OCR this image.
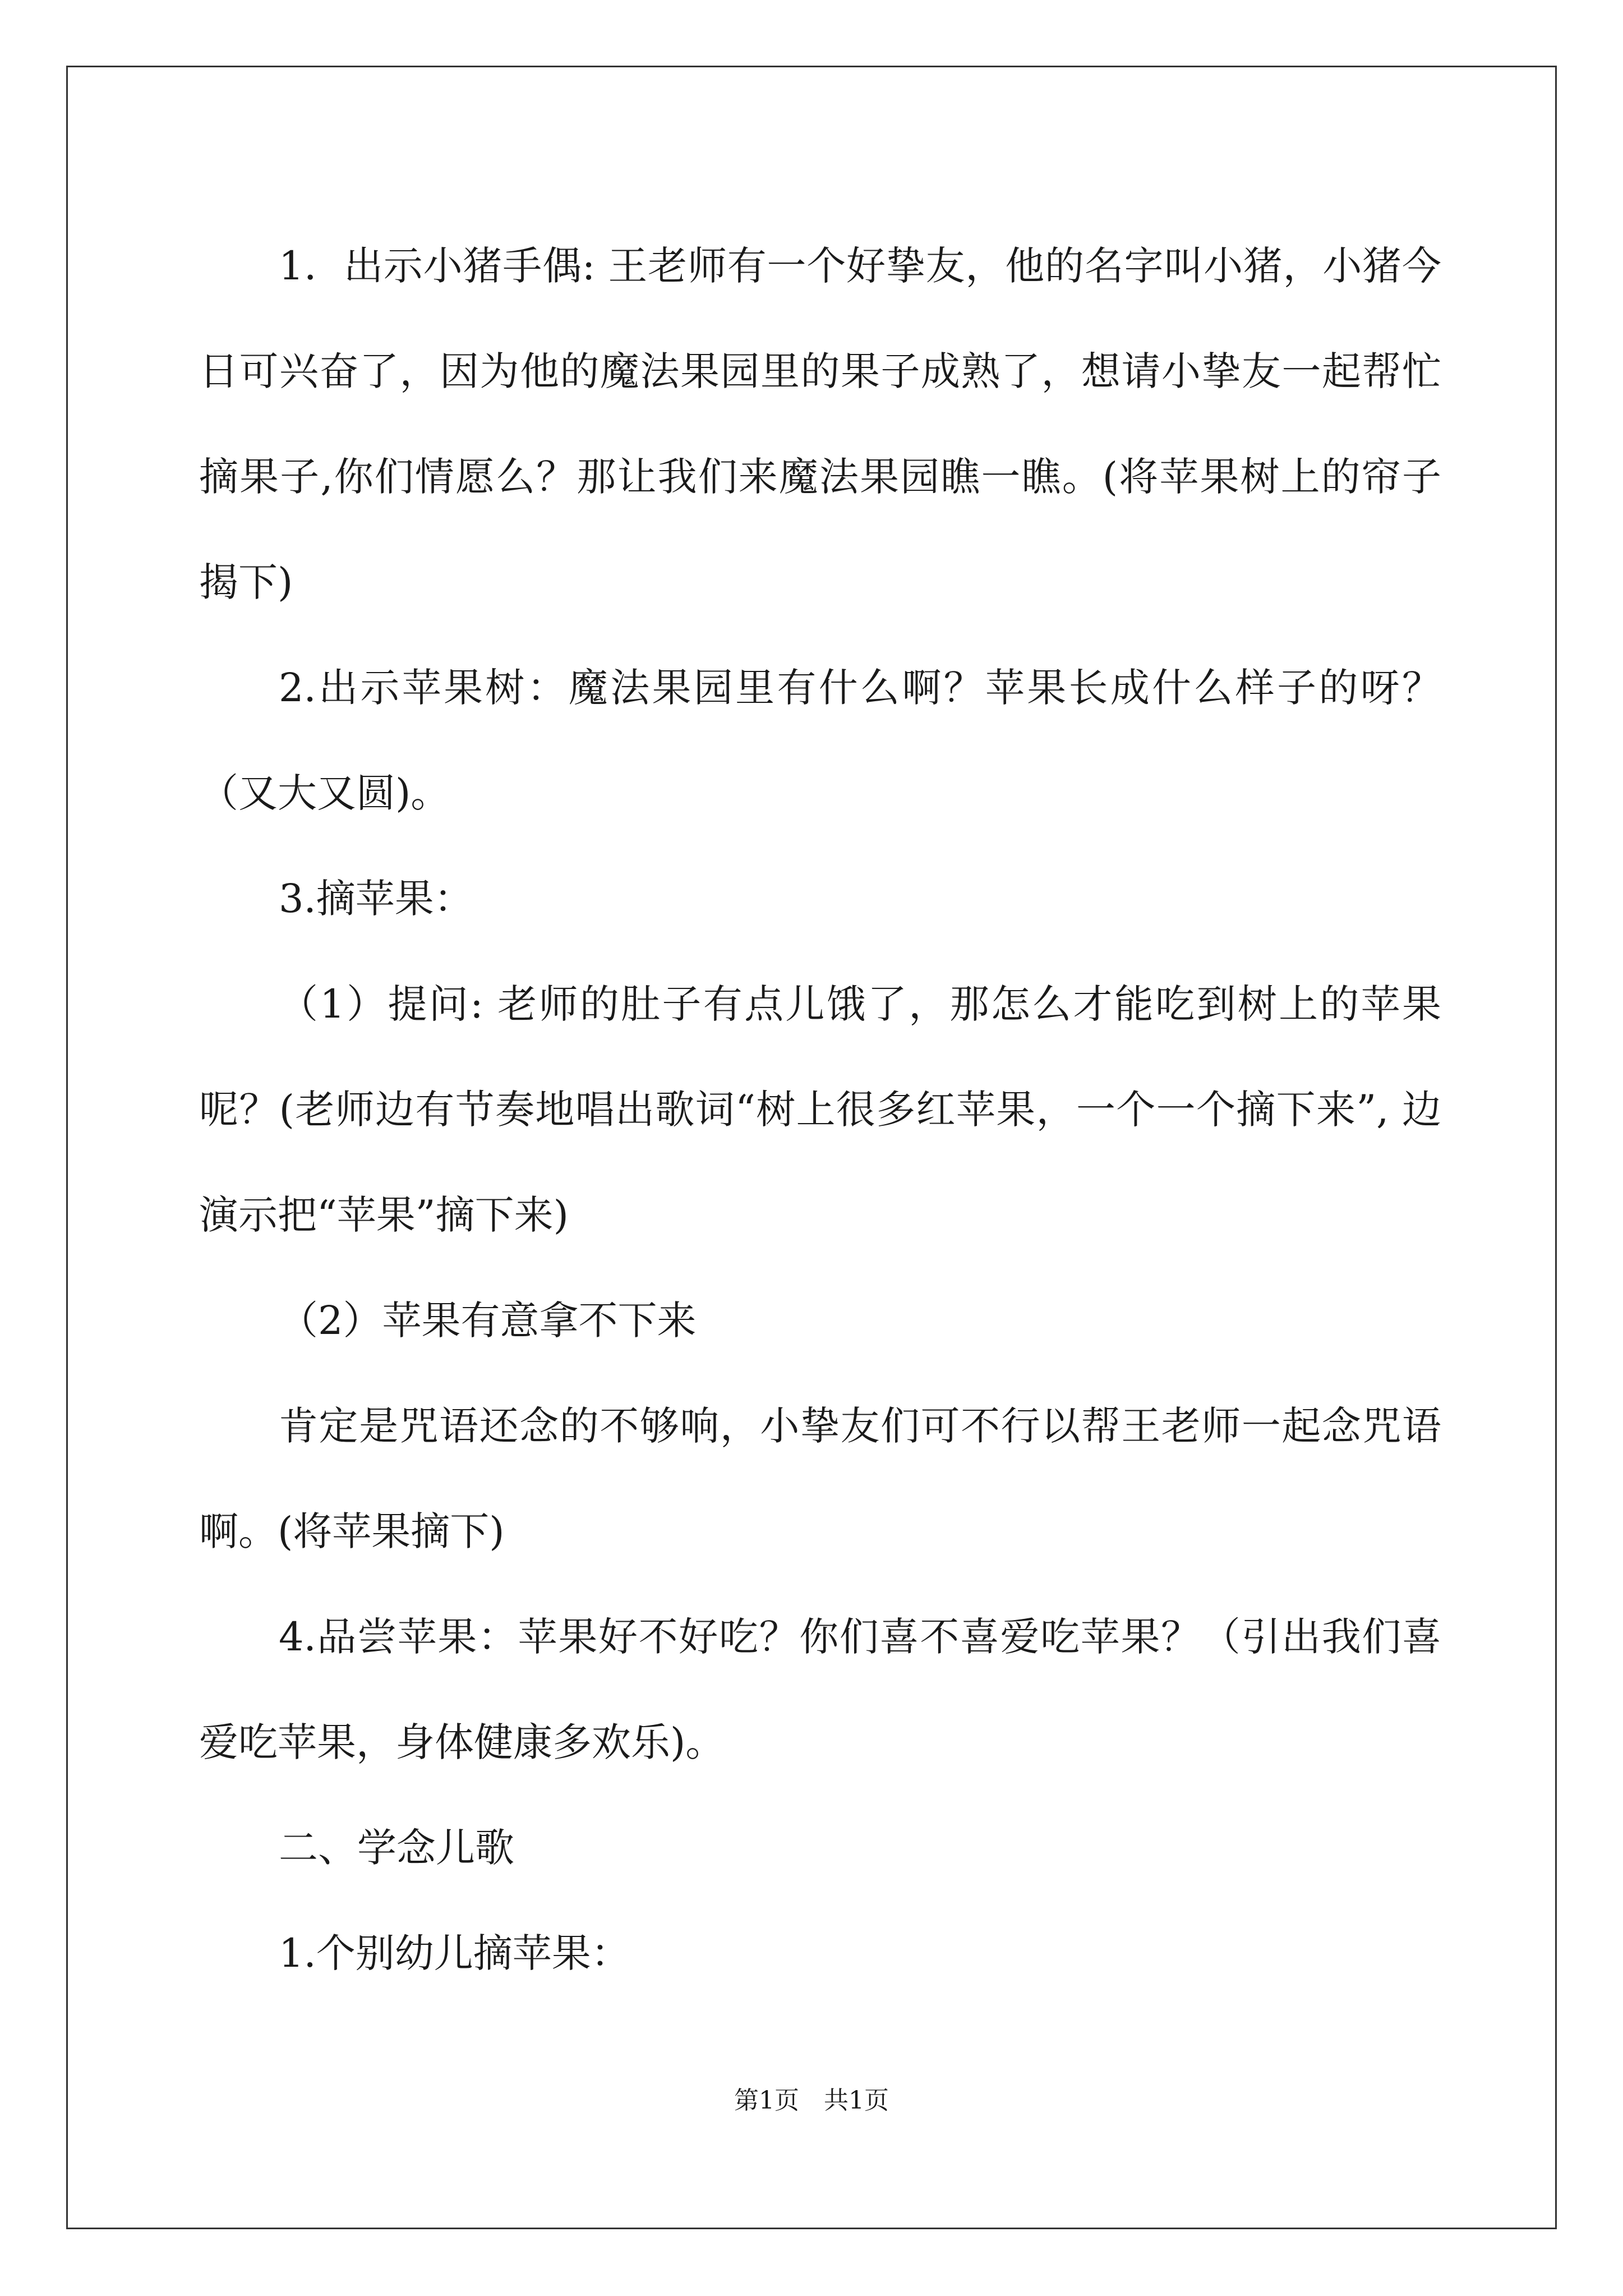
1．出示小猪手偶: 王老师有一个好挚友，他的名字叫小猪，小猪今日可兴奋了，因为他的魔法果园里的果子成熟了，想请小挚友一起帮忙摘果子,你们情愿么？那让我们来魔法果园瞧一瞧。(将苹果树上的帘子揭下)

2.出示苹果树：魔法果园里有什么啊？苹果长成什么样子的呀？（又大又圆)。

3.摘苹果：

（1）提问: 老师的肚子有点儿饿了，那怎么才能吃到树上的苹果呢？(老师边有节奏地唱出歌词“树上很多红苹果，一个一个摘下来”, 边演示把“苹果”摘下来)

（2）苹果有意拿不下来

肯定是咒语还念的不够响，小挚友们可不行以帮王老师一起念咒语啊。(将苹果摘下)

4.品尝苹果：苹果好不好吃？你们喜不喜爱吃苹果？（引出我们喜爱吃苹果，身体健康多欢乐)。

二、学念儿歌

1.个别幼儿摘苹果：

第1页　共1页
